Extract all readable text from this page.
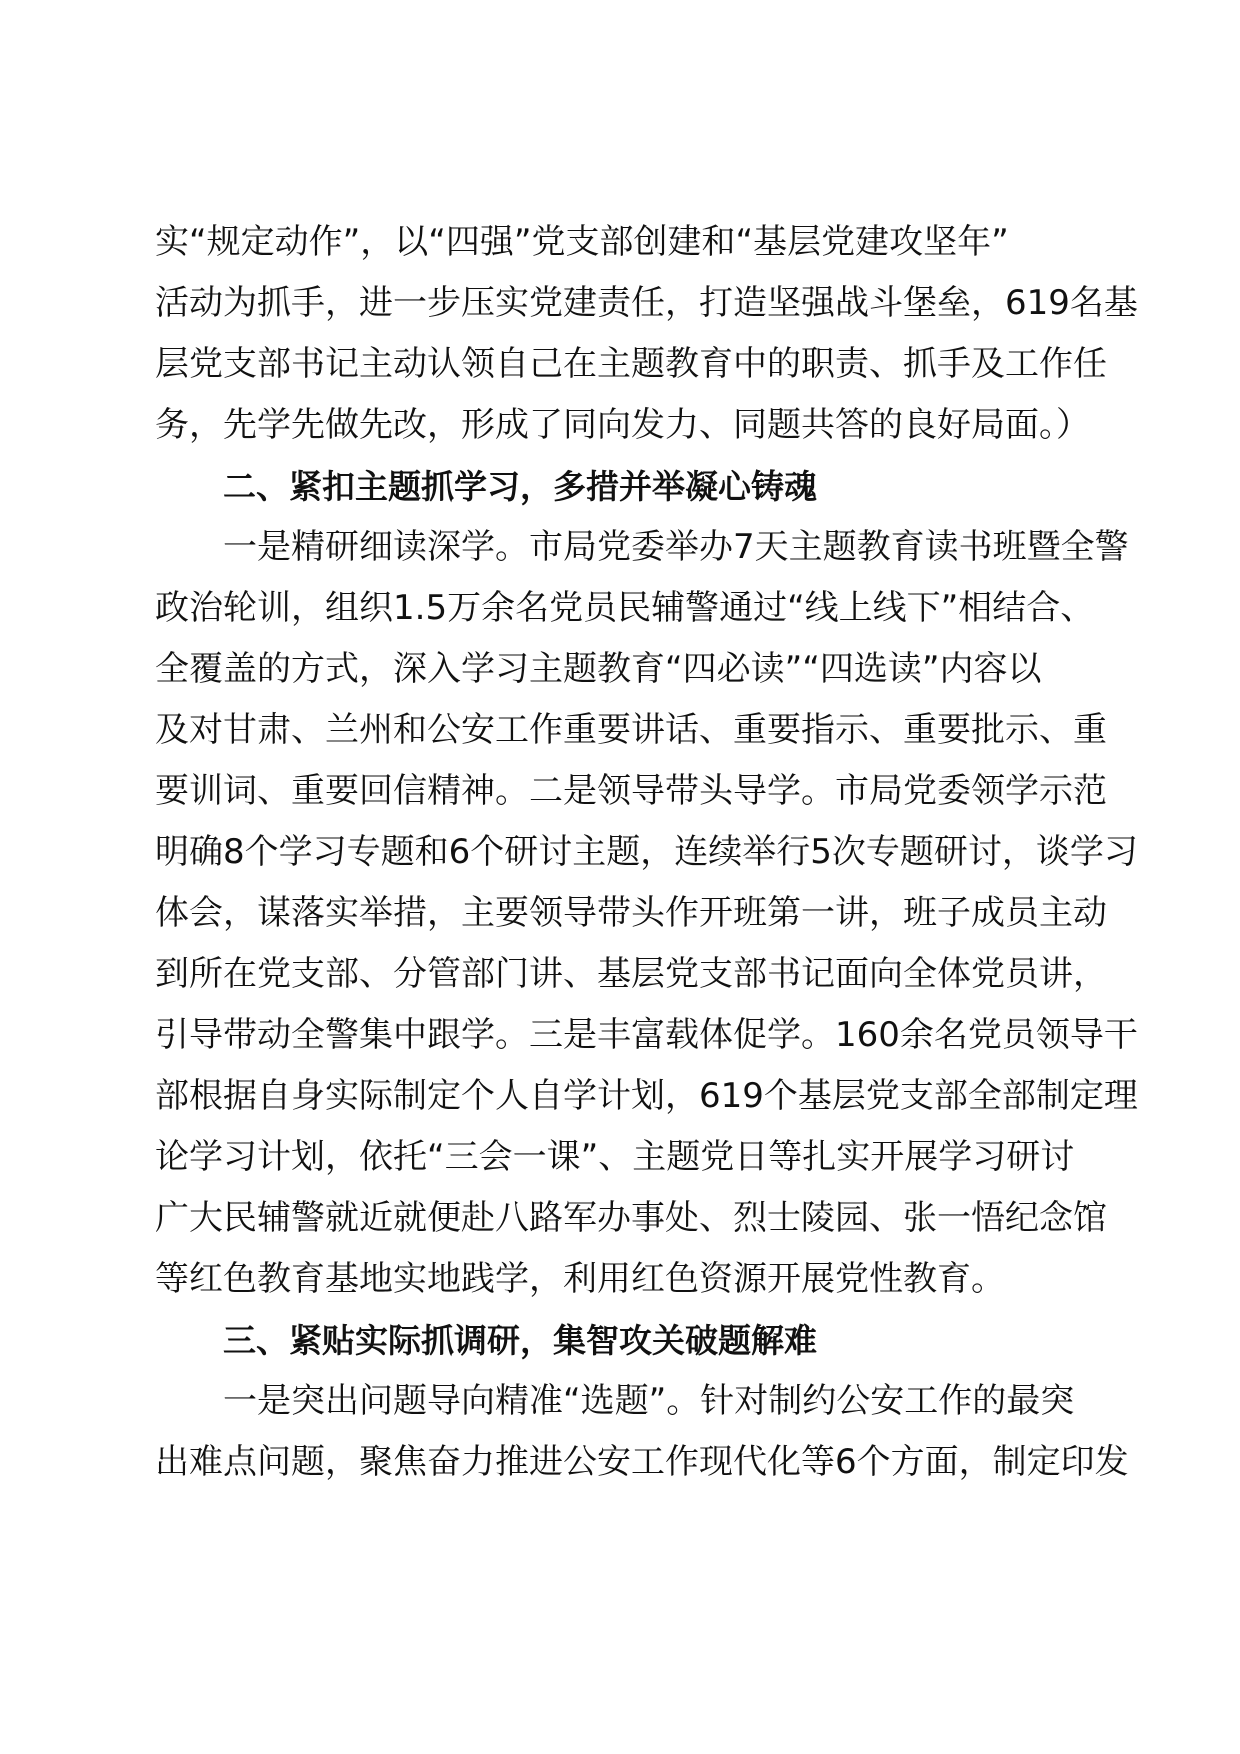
实“规定动作”，以“四强”党支部创建和“基层党建攻坚年”
活动为抓手，进一步压实党建责任，打造坚强战斗堡垒，619名基
层党支部书记主动认领自己在主题教育中的职责、抓手及工作任
务，先学先做先改，形成了同向发力、同题共答的良好局面。）
二、紧扣主题抓学习，多措并举凝心铸魂
一是精研细读深学。市局党委举办7天主题教育读书班暨全警
政治轮训，组织1.5万余名党员民辅警通过“线上线下”相结合、
全覆盖的方式，深入学习主题教育“四必读”“四选读”内容以
及对甘肃、兰州和公安工作重要讲话、重要指示、重要批示、重
要训词、重要回信精神。二是领导带头导学。市局党委领学示范
明确8个学习专题和6个研讨主题，连续举行5次专题研讨，谈学习
体会，谋落实举措，主要领导带头作开班第一讲，班子成员主动
到所在党支部、分管部门讲、基层党支部书记面向全体党员讲，
引导带动全警集中跟学。三是丰富载体促学。160余名党员领导干
部根据自身实际制定个人自学计划，619个基层党支部全部制定理
论学习计划，依托“三会一课”、主题党日等扎实开展学习研讨
广大民辅警就近就便赴八路军办事处、烈士陵园、张一悟纪念馆
等红色教育基地实地践学，利用红色资源开展党性教育。
三、紧贴实际抓调研，集智攻关破题解难
一是突出问题导向精准“选题”。针对制约公安工作的最突
出难点问题，聚焦奋力推进公安工作现代化等6个方面，制定印发
